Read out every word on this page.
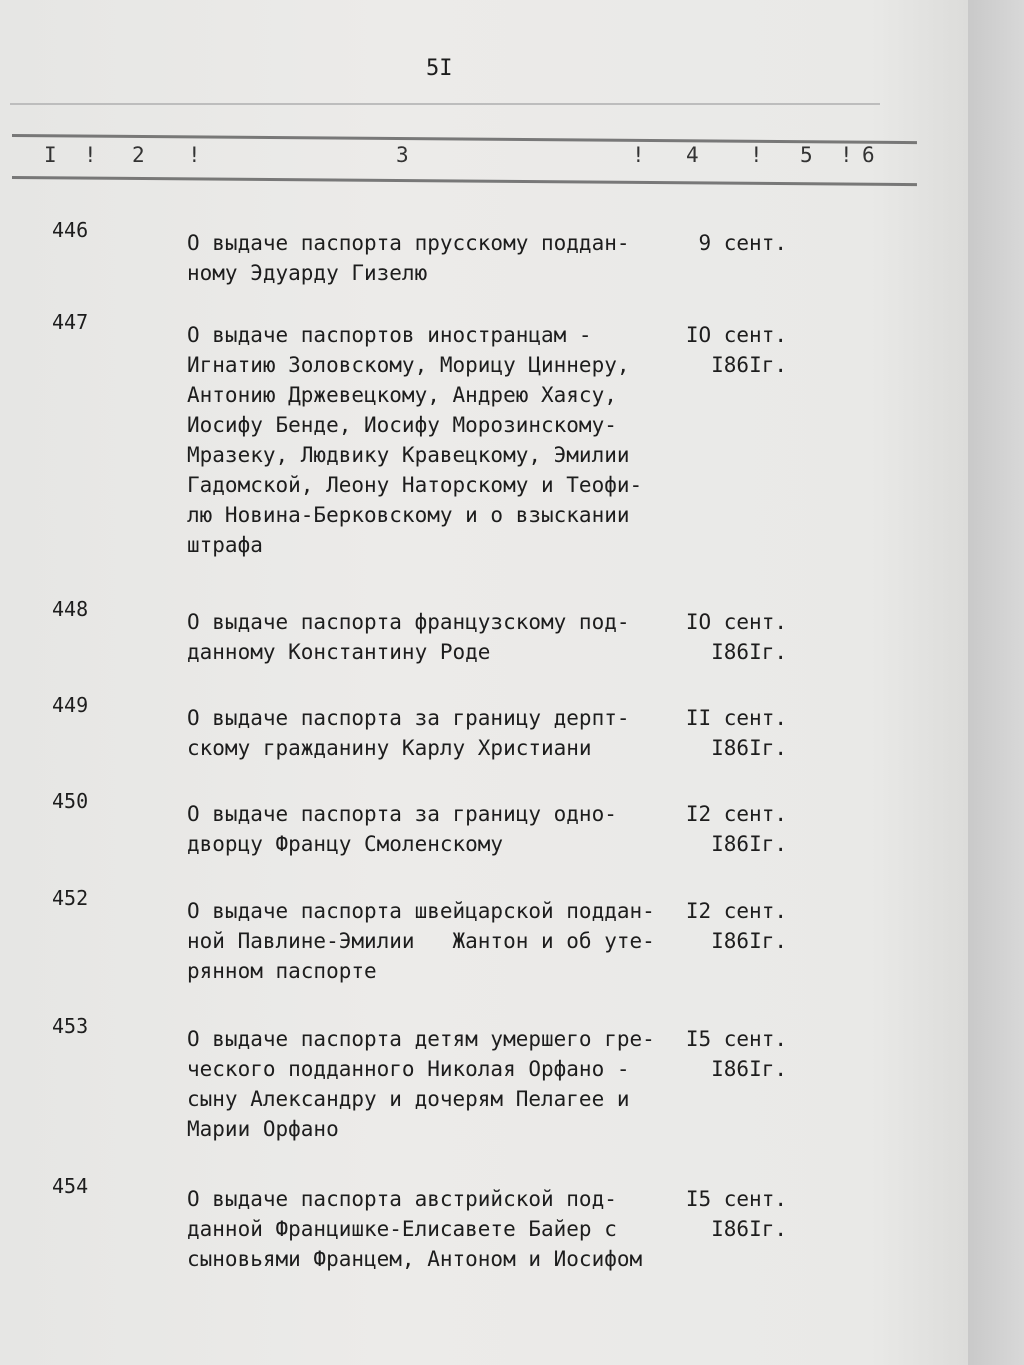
5I
I ! 2 !	3	! 4 ! 5 ! 6
446
О выдаче паспорта прусскому поддан-
ному Эдуарду Гизелю
9 сент.
447
О выдаче паспортов иностранцам -
Игнатию Золовскому, Морицу Циннеру,
Антонию Држевецкому, Андрею Хаясу,
Иосифу Бенде, Иосифу Морозинскому-
Мразеку, Людвику Кравецкому, Эмилии
Гадомской, Леону Наторскому и Теофи-
лю Новина-Берковскому и о взыскании
штрафа
IO сент.
I86Iг.
448
О выдаче паспорта французскому под-
данному Константину Роде
IO сент.
I86Iг.
449
О выдаче паспорта за границу дерпт-
скому гражданину Карлу Христиани
II сент.
I86Iг.
450
О выдаче паспорта за границу одно-
дворцу Францу Смоленскому
I2 сент.
I86Iг.
452
О выдаче паспорта швейцарской поддан-
ной Павлине-Эмилии   Жантон и об уте-
рянном паспорте
I2 сент.
I86Iг.
453
О выдаче паспорта детям умершего гре-
ческого подданного Николая Орфано -
сыну Александру и дочерям Пелагее и
Марии Орфано
I5 сент.
I86Iг.
454
О выдаче паспорта австрийской под-
данной Францишке-Елисавете Байер с
сыновьями Францем, Антоном и Иосифом
I5 сент.
I86Iг.
